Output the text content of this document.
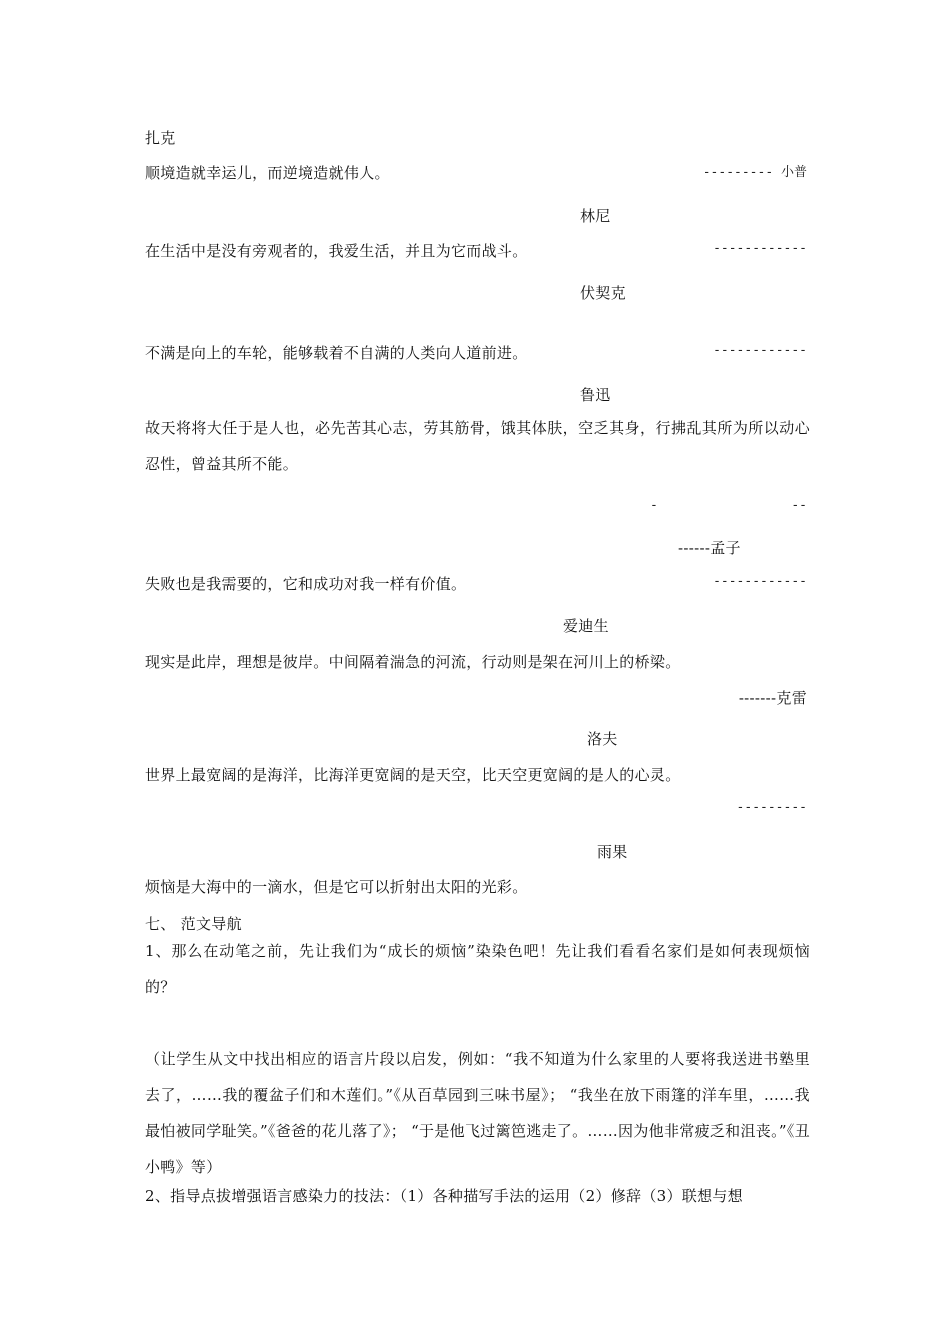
扎克
顺境造就幸运儿，而逆境造就伟人。	--------- 小普
林尼
在生活中是没有旁观者的，我爱生活，并且为它而战斗。	------------
伏契克
不满是向上的车轮，能够载着不自满的人类向人道前进。	------------
鲁迅
故天将将大任于是人也，必先苦其心志，劳其筋骨，饿其体肤，空乏其身，行拂乱其所为所以动心忍性，曾益其所不能。
-	--
------孟子
失败也是我需要的，它和成功对我一样有价值。	------------
爱迪生
现实是此岸，理想是彼岸。中间隔着湍急的河流，行动则是架在河川上的桥梁。
-------克雷
洛夫
世界上最宽阔的是海洋，比海洋更宽阔的是天空，比天空更宽阔的是人的心灵。
---------
雨果
烦恼是大海中的一滴水，但是它可以折射出太阳的光彩。
七、 范文导航
1、那么在动笔之前，先让我们为“成长的烦恼”染染色吧！先让我们看看名家们是如何表现烦恼的？
（让学生从文中找出相应的语言片段以启发，例如：“我不知道为什么家里的人要将我送进书塾里去了，……我的覆盆子们和木莲们。”《从百草园到三味书屋》； “我坐在放下雨篷的洋车里，……我最怕被同学耻笑。”《爸爸的花儿落了》； “于是他飞过篱笆逃走了。……因为他非常疲乏和沮丧。”《丑小鸭》等）
2、指导点拔增强语言感染力的技法：（1）各种描写手法的运用（2）修辞（3）联想与想
